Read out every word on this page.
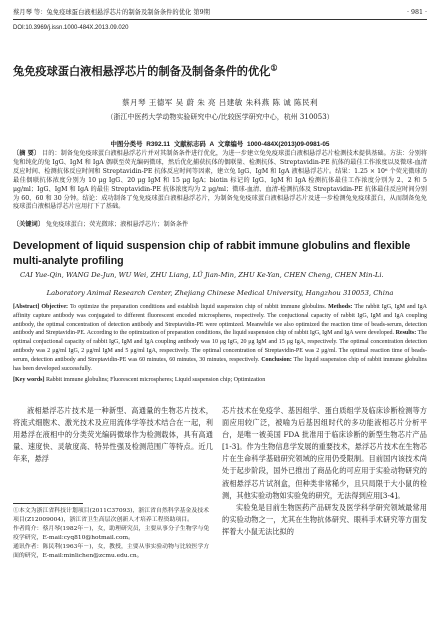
蔡月琴 等：兔免疫球蛋白液相悬浮芯片的制备及制备条件的优化 第9期	· 981 ·
DOI:10.3969/j.issn.1000-484X.2013.09.020
兔免疫球蛋白液相悬浮芯片的制备及制备条件的优化①
蔡月琴 王德军 吴 蔚 朱 亮 吕建敏 朱科燕 陈 诚 陈民利
（浙江中医药大学动物实验研究中心/比较医学研究中心，杭州 310053）
中图分类号 R392.11 文献标志码 A 文章编号 1000-484X(2013)09-0981-05
〔摘 要〕 目的：制备兔免疫球蛋白液相悬浮芯片并对其制备条件进行优化，为进一步建立兔免疫球蛋白液相悬浮芯片检测技术提供基础。方法：分别将兔和纯化的兔 IgG、IgM 和 IgA 偶联至荧光编码微球，然后优化捕获抗体的偶联量、检测抗体、Streptavidin-PE 抗体的最佳工作浓度以及微球-血清反应时间、检测抗体反应时间和 Streptavidin-PE 抗体反应时间等因素，建立兔 IgG、IgM 和 IgA 液相悬浮芯片。结果：1.25 × 10⁶ 个荧光微球的最佳偶联抗体浓度分别为 10 μg IgG、20 μg IgM 和 15 μg IgA；biotin 标记的 IgG、IgM 和 IgA 检测抗体最佳工作浓度分别为 2、2 和 5 μg/ml；IgG、IgM 和 IgA 的最佳 Streptavidin-PE 抗体浓度均为 2 μg/ml；微球-血清、血清-检测抗体及 Streptavidin-PE 抗体最佳反应时间分别为 60、60 和 30 分钟。结论：成功制备了兔免疫球蛋白液相悬浮芯片，为制备兔免疫球蛋白液相悬浮芯片及进一步检测兔免疫球蛋白，从而制备兔免疫球蛋白液相悬浮芯片应用打下了基础。
〔关键词〕 兔免疫球蛋白；荧光微球；液相悬浮芯片；制备条件
Development of liquid suspension chip of rabbit immune globulins and flexible multi-analyte profiling
CAI Yue-Qin, WANG De-Jun, WU Wei, ZHU Liang, LÜ Jian-Min, ZHU Ke-Yan, CHEN Cheng, CHEN Min-Li.
Laboratory Animal Research Center, Zhejiang Chinese Medical University, Hangzhou 310053, China
[Abstract] Objective: To optimize the preparation conditions and establish liquid suspension chip of rabbit immune globulins. Methods: The rabbit IgG, IgM and IgA affinity capture antibody was conjugated to different fluorescent encoded microspheres, respectively. The conjuctional capacity of rabbit IgG, IgM and IgA coupling antibody, the optimal concentration of detection antibody and Streptavidin-PE were optimized. Meanwhile we also optimized the reaction time of beads-serum, detection antibody and Streptavidin-PE. According to the optimization of preparation conditions, the liquid suspension chip of rabbit IgG, IgM and IgA were developed. Results: The optimal conjuctional capacity of rabbit IgG, IgM and IgA coupling antibody was 10 μg IgG, 20 μg IgM and 15 μg IgA, respectively. The optimal concentration detection antibody was 2 μg/ml IgG, 2 μg/ml IgM and 5 μg/ml IgA, respectively. The optimal concentration of Streptavidin-PE was 2 μg/ml. The optimal reaction time of beads-serum, detection antibody and Streptavidin-PE was 60 minutes, 60 minutes, 30 minutes, respectively. Conclusion: The liquid suspension chip of rabbit immune globulins has been developed successfully.
[Key words] Rabbit immune globulins; Fluorescent microspheres; Liquid suspension chip; Optimization

液相悬浮芯片技术是一种新型、高通量的生物芯片技术，将流式细胞术、激光技术及应用流体学等技术结合在一起，利用悬浮在液相中的分类荧光编码微球作为检测载体，具有高通量、速度快、灵敏度高、特异性强及检测范围广等特点。近几年来，悬浮

①本文为浙江省科技计划项目(2011C37093)，浙江省自然科学基金及技术项目(Z12009004)，浙江省卫生高层次创新人才培养工程资助项目。
作者简介：蔡月琴(1982年－)，女，助理研究员，主要从事分子生物学与免疫学研究，E-mail:cyq810@hotmail.com。
通讯作者：陈民利(1963年－)，女，教授，主要从事实验动物与比较医学方面的研究，E-mail:minlichen@zcmu.edu.cn。

芯片技术在免疫学、基因组学、蛋白质组学及临床诊断检测等方面应用较广泛，被喻为后基因组时代的多功能液相芯片分析平台，是唯一被美国 FDA 批准用于临床诊断的新型生物芯片产品[1-3]。作为生物信息学发展的重要技术，悬浮芯片技术在生物芯片在生命科学基础研究领域的应用仍受限制。目前国内该技术尚处于起步阶段，国外已推出了商品化的可应用于实验动物研究的液相悬浮芯片试剂盒，但种类非常稀少，且只局限于大小鼠的检测，其他实验动物如实验兔的研究，无法得到应用[3-4]。

实验兔是目前生物医药产品研发及医学科学研究领域最常用的实验动物之一，尤其在生物抗体研究、眼科手术研究等方面发挥着大小鼠无法比拟的
